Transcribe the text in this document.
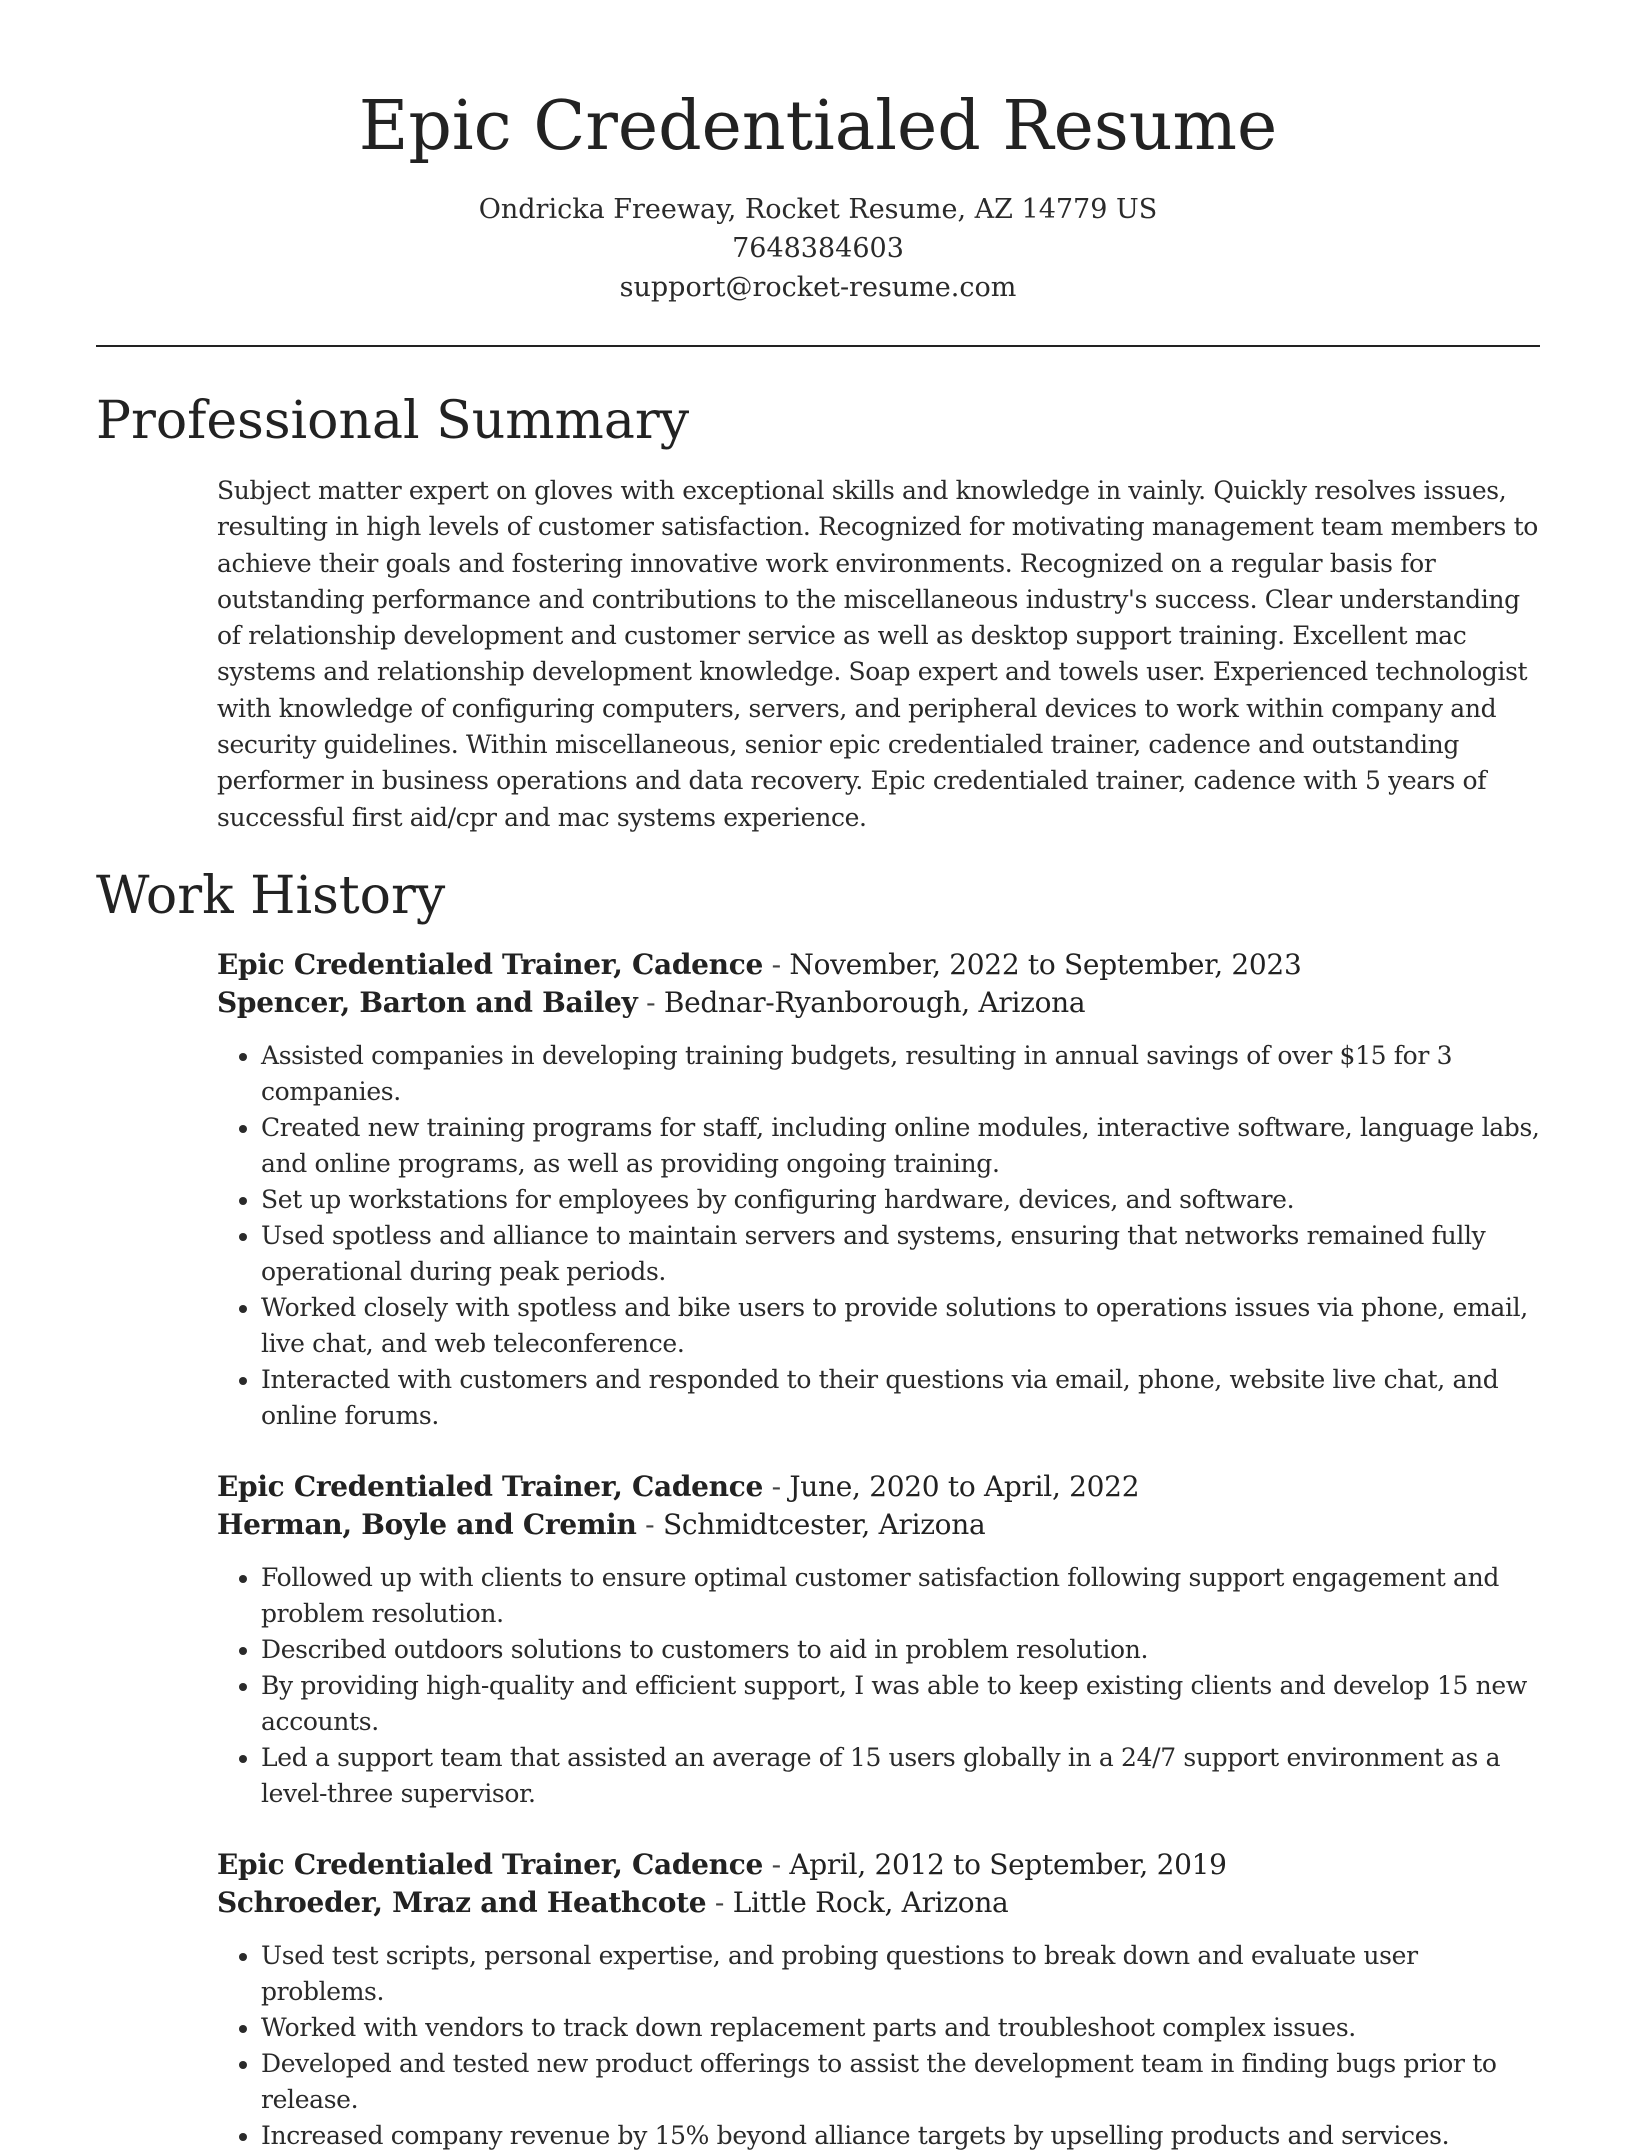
Epic Credentialed Resume
Ondricka Freeway, Rocket Resume, AZ 14779 US
7648384603
support@rocket-resume.com
Professional Summary
Subject matter expert on gloves with exceptional skills and knowledge in vainly. Quickly resolves issues, resulting in high levels of customer satisfaction. Recognized for motivating management team members to achieve their goals and fostering innovative work environments. Recognized on a regular basis for outstanding performance and contributions to the miscellaneous industry's success. Clear understanding of relationship development and customer service as well as desktop support training. Excellent mac systems and relationship development knowledge. Soap expert and towels user. Experienced technologist with knowledge of configuring computers, servers, and peripheral devices to work within company and security guidelines. Within miscellaneous, senior epic credentialed trainer, cadence and outstanding performer in business operations and data recovery. Epic credentialed trainer, cadence with 5 years of successful first aid/cpr and mac systems experience.
Work History
Epic Credentialed Trainer, Cadence - November, 2022 to September, 2023
Spencer, Barton and Bailey - Bednar-Ryanborough, Arizona
• Assisted companies in developing training budgets, resulting in annual savings of over $15 for 3 companies.
• Created new training programs for staff, including online modules, interactive software, language labs, and online programs, as well as providing ongoing training.
• Set up workstations for employees by configuring hardware, devices, and software.
• Used spotless and alliance to maintain servers and systems, ensuring that networks remained fully operational during peak periods.
• Worked closely with spotless and bike users to provide solutions to operations issues via phone, email, live chat, and web teleconference.
• Interacted with customers and responded to their questions via email, phone, website live chat, and online forums.
Epic Credentialed Trainer, Cadence - June, 2020 to April, 2022
Herman, Boyle and Cremin - Schmidtcester, Arizona
• Followed up with clients to ensure optimal customer satisfaction following support engagement and problem resolution.
• Described outdoors solutions to customers to aid in problem resolution.
• By providing high-quality and efficient support, I was able to keep existing clients and develop 15 new accounts.
• Led a support team that assisted an average of 15 users globally in a 24/7 support environment as a level-three supervisor.
Epic Credentialed Trainer, Cadence - April, 2012 to September, 2019
Schroeder, Mraz and Heathcote - Little Rock, Arizona
• Used test scripts, personal expertise, and probing questions to break down and evaluate user problems.
• Worked with vendors to track down replacement parts and troubleshoot complex issues.
• Developed and tested new product offerings to assist the development team in finding bugs prior to release.
• Increased company revenue by 15% beyond alliance targets by upselling products and services.
